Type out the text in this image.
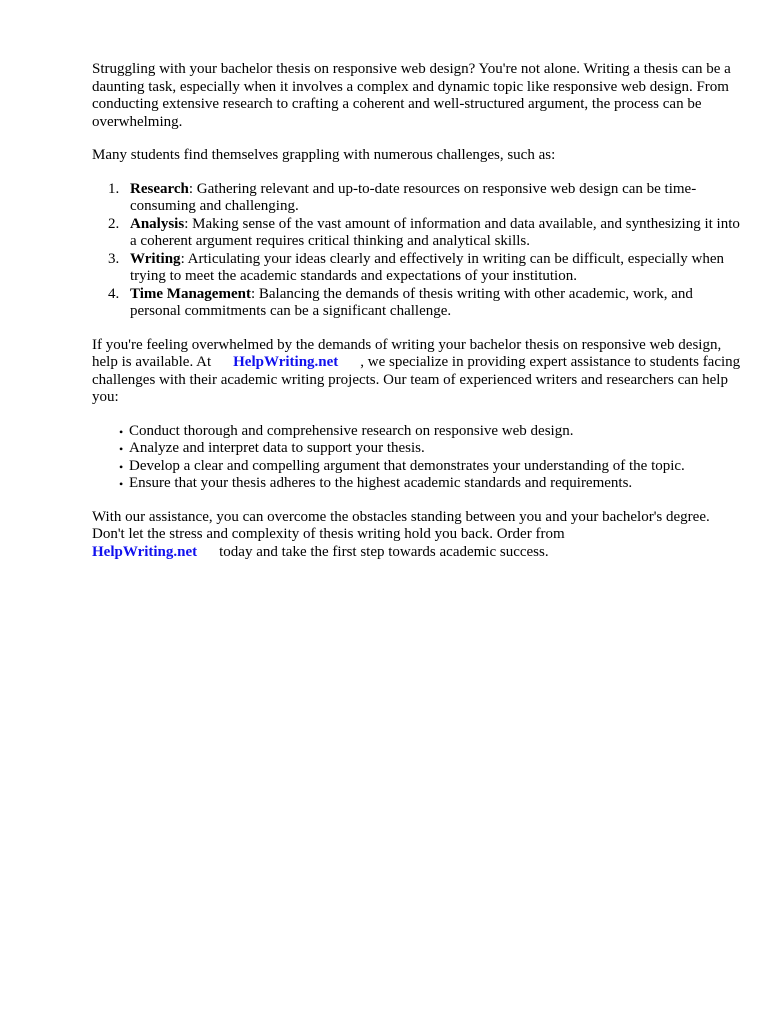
Struggling with your bachelor thesis on responsive web design? You're not alone. Writing a thesis can be a daunting task, especially when it involves a complex and dynamic topic like responsive web design. From conducting extensive research to crafting a coherent and well-structured argument, the process can be overwhelming.

Many students find themselves grappling with numerous challenges, such as:

1. Research: Gathering relevant and up-to-date resources on responsive web design can be time-consuming and challenging.
2. Analysis: Making sense of the vast amount of information and data available, and synthesizing it into a coherent argument requires critical thinking and analytical skills.
3. Writing: Articulating your ideas clearly and effectively in writing can be difficult, especially when trying to meet the academic standards and expectations of your institution.
4. Time Management: Balancing the demands of thesis writing with other academic, work, and personal commitments can be a significant challenge.

If you're feeling overwhelmed by the demands of writing your bachelor thesis on responsive web design, help is available. At HelpWriting.net , we specialize in providing expert assistance to students facing challenges with their academic writing projects. Our team of experienced writers and researchers can help you:

• Conduct thorough and comprehensive research on responsive web design.
• Analyze and interpret data to support your thesis.
• Develop a clear and compelling argument that demonstrates your understanding of the topic.
• Ensure that your thesis adheres to the highest academic standards and requirements.

With our assistance, you can overcome the obstacles standing between you and your bachelor's degree. Don't let the stress and complexity of thesis writing hold you back. Order from
HelpWriting.net today and take the first step towards academic success.
